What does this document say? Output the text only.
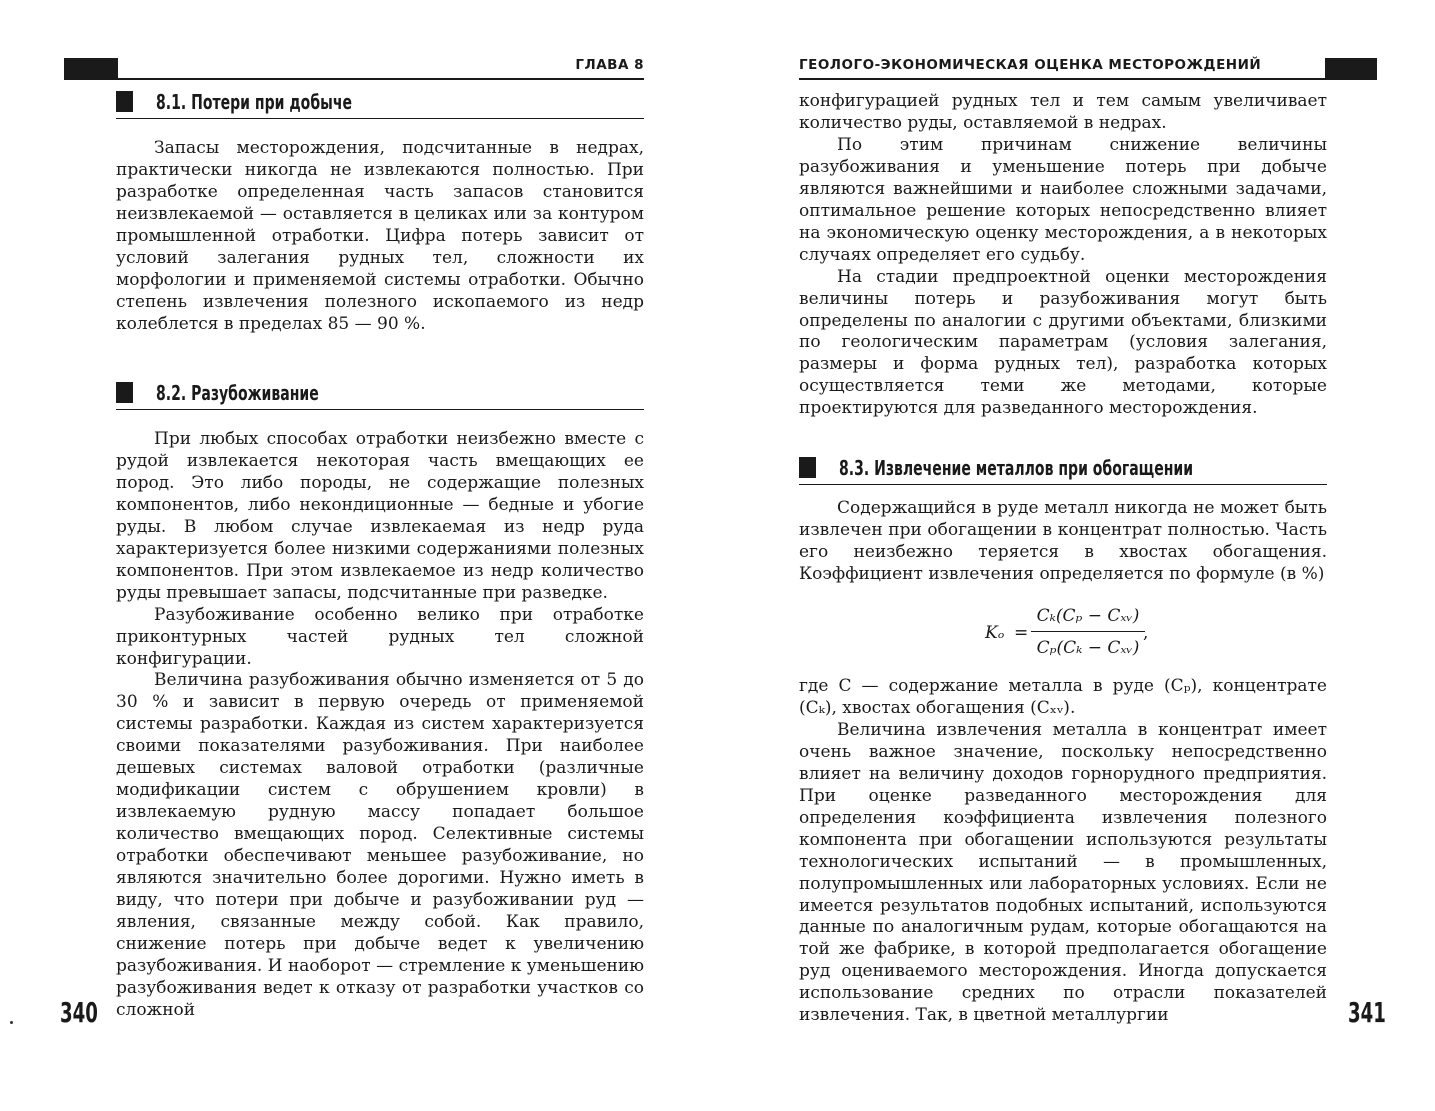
ГЛАВА 8
8.1. Потери при добыче

Запасы месторождения, подсчитанные в недрах, практически никогда не извлекаются полностью. При разработке определенная часть запасов становится неизвлекаемой — оставляется в целиках или за контуром промышленной отработки. Цифра потерь зависит от условий залегания рудных тел, сложности их морфологии и применяемой системы отработки. Обычно степень извлечения полезного ископаемого из недр колеблется в пределах 85 — 90 %.

8.2. Разубоживание

При любых способах отработки неизбежно вместе с рудой извлекается некоторая часть вмещающих ее пород. Это либо породы, не содержащие полезных компонентов, либо некондиционные — бедные и убогие руды. В любом случае извлекаемая из недр руда характеризуется более низкими содержаниями полезных компонентов. При этом извлекаемое из недр количество руды превышает запасы, подсчитанные при разведке.

Разубоживание особенно велико при отработке приконтурных частей рудных тел сложной конфигурации.

Величина разубоживания обычно изменяется от 5 до 30 % и зависит в первую очередь от применяемой системы разработки. Каждая из систем характеризуется своими показателями разубоживания. При наиболее дешевых системах валовой отработки (различные модификации систем с обрушением кровли) в извлекаемую рудную массу попадает большое количество вмещающих пород. Селективные системы отработки обеспечивают меньшее разубоживание, но являются значительно более дорогими. Нужно иметь в виду, что потери при добыче и разубоживании руд — явления, связанные между собой. Как правило, снижение потерь при добыче ведет к увеличению разубоживания. И наоборот — стремление к уменьшению разубоживания ведет к отказу от разработки участков со сложной

340

ГЕОЛОГО-ЭКОНОМИЧЕСКАЯ ОЦЕНКА МЕСТОРОЖДЕНИЙ

конфигурацией рудных тел и тем самым увеличивает количество руды, оставляемой в недрах.

По этим причинам снижение величины разубоживания и уменьшение потерь при добыче являются важнейшими и наиболее сложными задачами, оптимальное решение которых непосредственно влияет на экономическую оценку месторождения, а в некоторых случаях определяет его судьбу.

На стадии предпроектной оценки месторождения величины потерь и разубоживания могут быть определены по аналогии с другими объектами, близкими по геологическим параметрам (условия залегания, размеры и форма рудных тел), разработка которых осуществляется теми же методами, которые проектируются для разведанного месторождения.

8.3. Извлечение металлов при обогащении

Содержащийся в руде металл никогда не может быть извлечен при обогащении в концентрат полностью. Часть его неизбежно теряется в хвостах обогащения. Коэффициент извлечения определяется по формуле (в %)

Kₒ =
Cₖ(Cₚ − Cₓᵥ)
Cₚ(Cₖ − Cₓᵥ)
,

где C — содержание металла в руде (Cₚ), концентрате (Cₖ), хвостах обогащения (Cₓᵥ).

Величина извлечения металла в концентрат имеет очень важное значение, поскольку непосредственно влияет на величину доходов горнорудного предприятия. При оценке разведанного месторождения для определения коэффициента извлечения полезного компонента при обогащении используются результаты технологических испытаний — в промышленных, полупромышленных или лабораторных условиях. Если не имеется результатов подобных испытаний, используются данные по аналогичным рудам, которые обогащаются на той же фабрике, в которой предполагается обогащение руд оцениваемого месторождения. Иногда допускается использование средних по отрасли показателей извлечения. Так, в цветной металлургии	341
